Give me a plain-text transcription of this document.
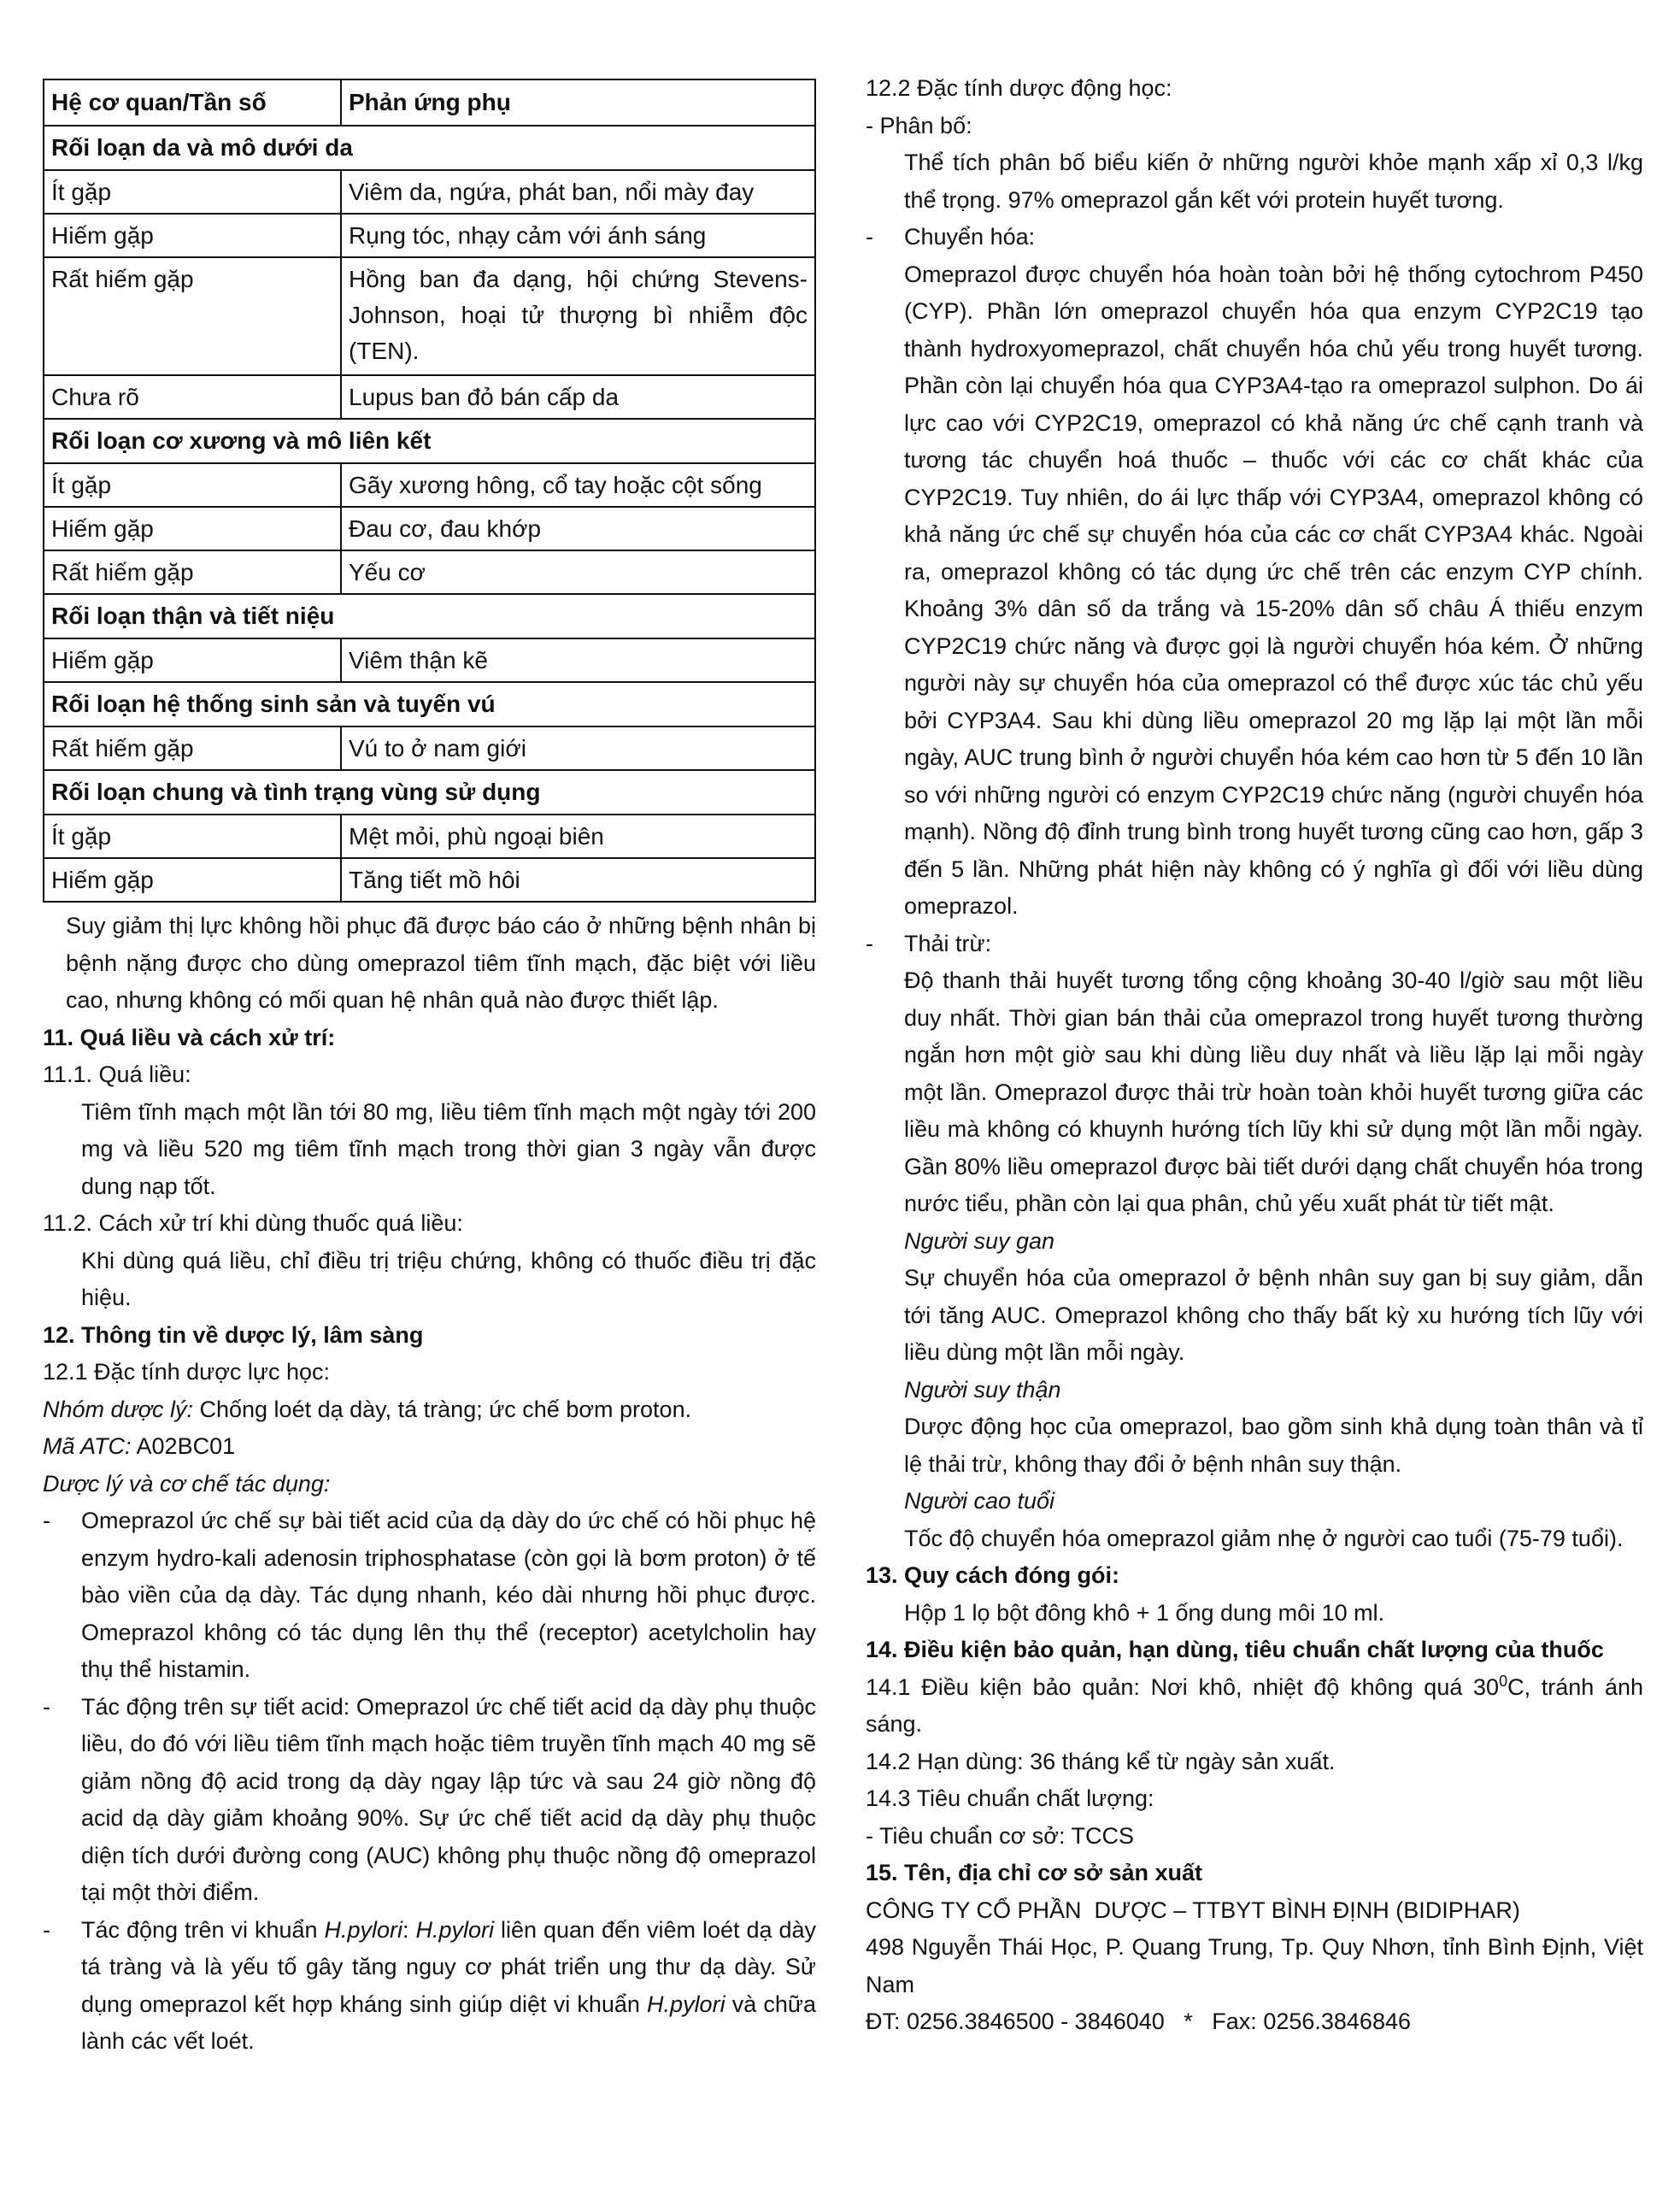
Hệ cơ quan/Tần số	Phản ứng phụ
Rối loạn da và mô dưới da	
Ít gặp	Viêm da, ngứa, phát ban, nổi mày đay
Hiếm gặp	Rụng tóc, nhạy cảm với ánh sáng
Rất hiếm gặp	Hồng ban đa dạng, hội chứng Stevens-Johnson, hoại tử thượng bì nhiễm độc (TEN).
Chưa rõ	Lupus ban đỏ bán cấp da
Rối loạn cơ xương và mô liên kết	
Ít gặp	Gãy xương hông, cổ tay hoặc cột sống
Hiếm gặp	Đau cơ, đau khớp
Rất hiếm gặp	Yếu cơ
Rối loạn thận và tiết niệu	
Hiếm gặp	Viêm thận kẽ
Rối loạn hệ thống sinh sản và tuyến vú	
Rất hiếm gặp	Vú to ở nam giới
Rối loạn chung và tình trạng vùng sử dụng	
Ít gặp	Mệt mỏi, phù ngoại biên
Hiếm gặp	Tăng tiết mồ hôi
Suy giảm thị lực không hồi phục đã được báo cáo ở những bệnh nhân bị bệnh nặng được cho dùng omeprazol tiêm tĩnh mạch, đặc biệt với liều cao, nhưng không có mối quan hệ nhân quả nào được thiết lập.
11. Quá liều và cách xử trí:
11.1. Quá liều:
Tiêm tĩnh mạch một lần tới 80 mg, liều tiêm tĩnh mạch một ngày tới 200 mg và liều 520 mg tiêm tĩnh mạch trong thời gian 3 ngày vẫn được dung nạp tốt.
11.2. Cách xử trí khi dùng thuốc quá liều:
Khi dùng quá liều, chỉ điều trị triệu chứng, không có thuốc điều trị đặc hiệu.
12. Thông tin về dược lý, lâm sàng
12.1 Đặc tính dược lực học:
Nhóm dược lý: Chống loét dạ dày, tá tràng; ức chế bơm proton.
Mã ATC: A02BC01
Dược lý và cơ chế tác dụng:
- Omeprazol ức chế sự bài tiết acid của dạ dày do ức chế có hồi phục hệ enzym hydro-kali adenosin triphosphatase (còn gọi là bơm proton) ở tế bào viền của dạ dày. Tác dụng nhanh, kéo dài nhưng hồi phục được. Omeprazol không có tác dụng lên thụ thể (receptor) acetylcholin hay thụ thể histamin.
- Tác động trên sự tiết acid: Omeprazol ức chế tiết acid dạ dày phụ thuộc liều, do đó với liều tiêm tĩnh mạch hoặc tiêm truyền tĩnh mạch 40 mg sẽ giảm nồng độ acid trong dạ dày ngay lập tức và sau 24 giờ nồng độ acid dạ dày giảm khoảng 90%. Sự ức chế tiết acid dạ dày phụ thuộc diện tích dưới đường cong (AUC) không phụ thuộc nồng độ omeprazol tại một thời điểm.
- Tác động trên vi khuẩn H.pylori: H.pylori liên quan đến viêm loét dạ dày tá tràng và là yếu tố gây tăng nguy cơ phát triển ung thư dạ dày. Sử dụng omeprazol kết hợp kháng sinh giúp diệt vi khuẩn H.pylori và chữa lành các vết loét.
12.2 Đặc tính dược động học:
- Phân bố:
Thể tích phân bố biểu kiến ở những người khỏe mạnh xấp xỉ 0,3 l/kg thể trọng. 97% omeprazol gắn kết với protein huyết tương.
- Chuyển hóa:
Omeprazol được chuyển hóa hoàn toàn bởi hệ thống cytochrom P450 (CYP). Phần lớn omeprazol chuyển hóa qua enzym CYP2C19 tạo thành hydroxyomeprazol, chất chuyển hóa chủ yếu trong huyết tương. Phần còn lại chuyển hóa qua CYP3A4-tạo ra omeprazol sulphon. Do ái lực cao với CYP2C19, omeprazol có khả năng ức chế cạnh tranh và tương tác chuyển hoá thuốc – thuốc với các cơ chất khác của CYP2C19. Tuy nhiên, do ái lực thấp với CYP3A4, omeprazol không có khả năng ức chế sự chuyển hóa của các cơ chất CYP3A4 khác. Ngoài ra, omeprazol không có tác dụng ức chế trên các enzym CYP chính. Khoảng 3% dân số da trắng và 15-20% dân số châu Á thiếu enzym CYP2C19 chức năng và được gọi là người chuyển hóa kém. Ở những người này sự chuyển hóa của omeprazol có thể được xúc tác chủ yếu bởi CYP3A4. Sau khi dùng liều omeprazol 20 mg lặp lại một lần mỗi ngày, AUC trung bình ở người chuyển hóa kém cao hơn từ 5 đến 10 lần so với những người có enzym CYP2C19 chức năng (người chuyển hóa mạnh). Nồng độ đỉnh trung bình trong huyết tương cũng cao hơn, gấp 3 đến 5 lần. Những phát hiện này không có ý nghĩa gì đối với liều dùng omeprazol.
- Thải trừ:
Độ thanh thải huyết tương tổng cộng khoảng 30-40 l/giờ sau một liều duy nhất. Thời gian bán thải của omeprazol trong huyết tương thường ngắn hơn một giờ sau khi dùng liều duy nhất và liều lặp lại mỗi ngày một lần. Omeprazol được thải trừ hoàn toàn khỏi huyết tương giữa các liều mà không có khuynh hướng tích lũy khi sử dụng một lần mỗi ngày. Gần 80% liều omeprazol được bài tiết dưới dạng chất chuyển hóa trong nước tiểu, phần còn lại qua phân, chủ yếu xuất phát từ tiết mật.
Người suy gan
Sự chuyển hóa của omeprazol ở bệnh nhân suy gan bị suy giảm, dẫn tới tăng AUC. Omeprazol không cho thấy bất kỳ xu hướng tích lũy với liều dùng một lần mỗi ngày.
Người suy thận
Dược động học của omeprazol, bao gồm sinh khả dụng toàn thân và tỉ lệ thải trừ, không thay đổi ở bệnh nhân suy thận.
Người cao tuổi
Tốc độ chuyển hóa omeprazol giảm nhẹ ở người cao tuổi (75-79 tuổi).
13. Quy cách đóng gói:
Hộp 1 lọ bột đông khô + 1 ống dung môi 10 ml.
14. Điều kiện bảo quản, hạn dùng, tiêu chuẩn chất lượng của thuốc
14.1 Điều kiện bảo quản: Nơi khô, nhiệt độ không quá $30^0C$, tránh ánh sáng.
14.2 Hạn dùng: 36 tháng kể từ ngày sản xuất.
14.3 Tiêu chuẩn chất lượng:
- Tiêu chuẩn cơ sở: TCCS
15. Tên, địa chỉ cơ sở sản xuất
CÔNG TY CỔ PHẦN  DƯỢC – TTBYT BÌNH ĐỊNH (BIDIPHAR)
498 Nguyễn Thái Học, P. Quang Trung, Tp. Quy Nhơn, tỉnh Bình Định, Việt Nam
ĐT: 0256.3846500 - 3846040   *   Fax: 0256.3846846
